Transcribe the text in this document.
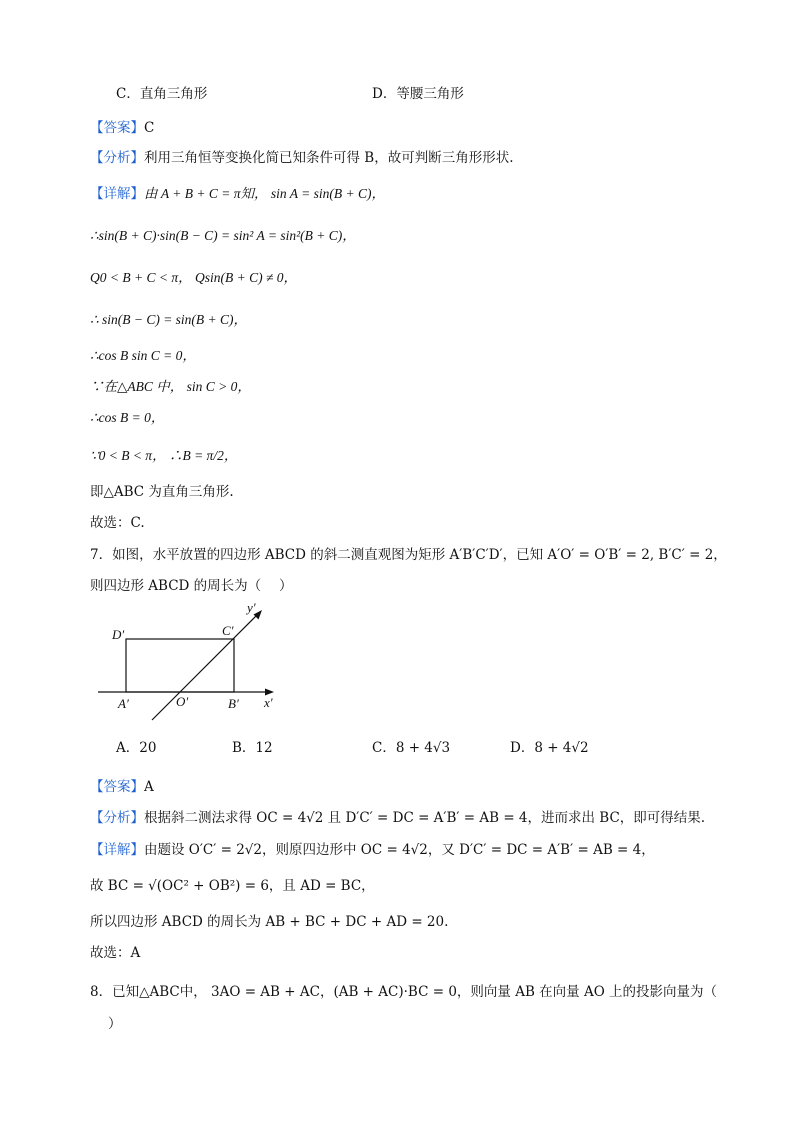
C．直角三角形	D．等腰三角形
【答案】C
【分析】利用三角恒等变换化简已知条件可得 B，故可判断三角形形状.
【详解】由 A + B + C = π知， sin A = sin(B + C)，
∴sin(B + C)·sin(B − C) = sin² A = sin²(B + C)，
Q0 < B + C < π， Qsin(B + C) ≠ 0，
∴ sin(B − C) = sin(B + C)，
∴cos B sin C = 0，
∵在△ABC 中， sin C > 0，
∴cos B = 0，
∵0 < B < π， ∴B = π/2，
即△ABC 为直角三角形.
故选：C.
7．如图，水平放置的四边形 ABCD 的斜二测直观图为矩形 A′B′C′D′，已知 A′O′ = O′B′ = 2, B′C′ = 2，
则四边形 ABCD 的周长为（　 ）
D′	C′
A′	O′	B′ x′
y′
A．20	B．12	C．8 + 4√3	D．8 + 4√2
【答案】A
【分析】根据斜二测法求得 OC = 4√2 且 D′C′ = DC = A′B′ = AB = 4，进而求出 BC，即可得结果.
【详解】由题设 O′C′ = 2√2，则原四边形中 OC = 4√2，又 D′C′ = DC = A′B′ = AB = 4，
故 BC = √(OC² + OB²) = 6，且 AD = BC，
所以四边形 ABCD 的周长为 AB + BC + DC + AD = 20.
故选：A
8．已知△ABC中， 3AO = AB + AC，(AB + AC)·BC = 0，则向量 AB 在向量 AO 上的投影向量为（
）
